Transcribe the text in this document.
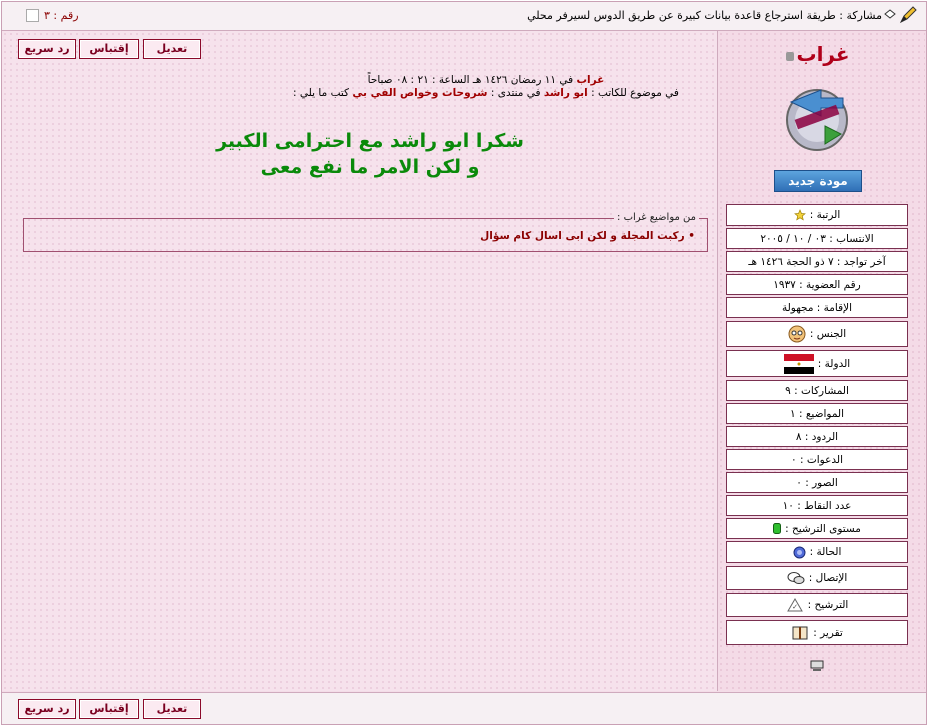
مشاركة : طريقة استرجاع قاعدة بيانات كبيرة عن طريق الدوس لسيرفر محلي
رقم : ٣
رد سريع	إقتباس	تعديل
غراب في ١١ رمضان ١٤٢٦ هـ الساعة : ٢١ : ٠٨ صباحاً
في موضوع للكاتب : ابو راشد في منتدى : شروحات وخواص الفي بي كتب ما يلي :
شكرا ابو راشد مع احترامى الكبير
و لكن الامر ما نفع معى
من مواضيع غراب :
• ركبت المجلة و لكن ابى اسال كام سؤال
غراب
مودة جديد
الرتبة :
الانتساب : ٠٣ / ١٠ / ٢٠٠٥
آخر تواجد : ٧ ذو الحجة ١٤٢٦ هـ
رقم العضوية : ١٩٣٧
الإقامة : مجهولة
الجنس :
الدولة :
المشاركات : ٩
المواضيع : ١
الردود : ٨
الدعوات : ٠
الصور : ٠
عدد النقاط : ١٠
مستوى الترشيح :
الحالة :
الإتصال :
الترشيح :
✓
تقرير :
رد سريع	إقتباس	تعديل
